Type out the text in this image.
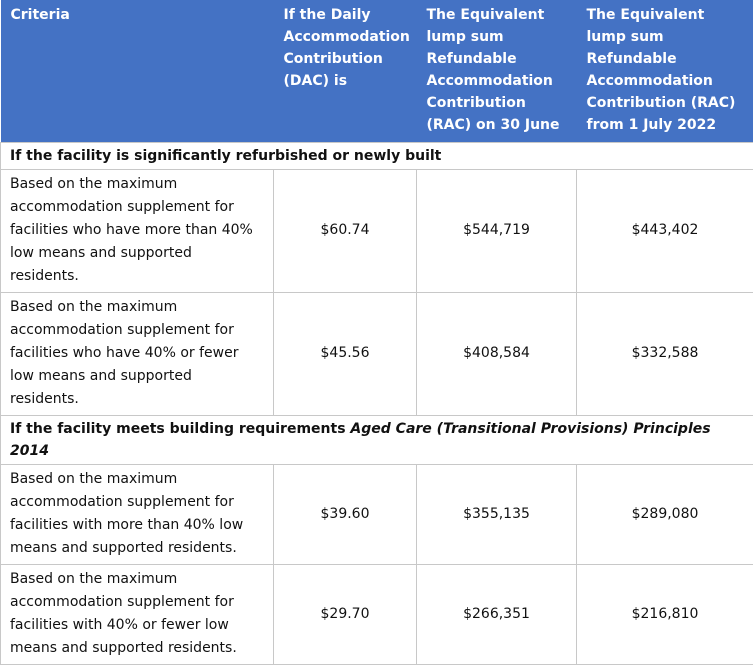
Criteria	If the Daily Accommodation Contribution (DAC) is	The Equivalent lump sum Refundable Accommodation Contribution (RAC) on 30 June	The Equivalent lump sum Refundable Accommodation Contribution (RAC) from 1 July 2022
If the facility is significantly refurbished or newly built			
Based on the maximum accommodation supplement for facilities who have more than 40% low means and supported residents.	$60.74	$544,719	$443,402
Based on the maximum accommodation supplement for facilities who have 40% or fewer low means and supported residents.	$45.56	$408,584	$332,588
If the facility meets building requirements Aged Care (Transitional Provisions) Principles 2014			
Based on the maximum accommodation supplement for facilities with more than 40% low means and supported residents.	$39.60	$355,135	$289,080
Based on the maximum accommodation supplement for facilities with 40% or fewer low means and supported residents.	$29.70	$266,351	$216,810
